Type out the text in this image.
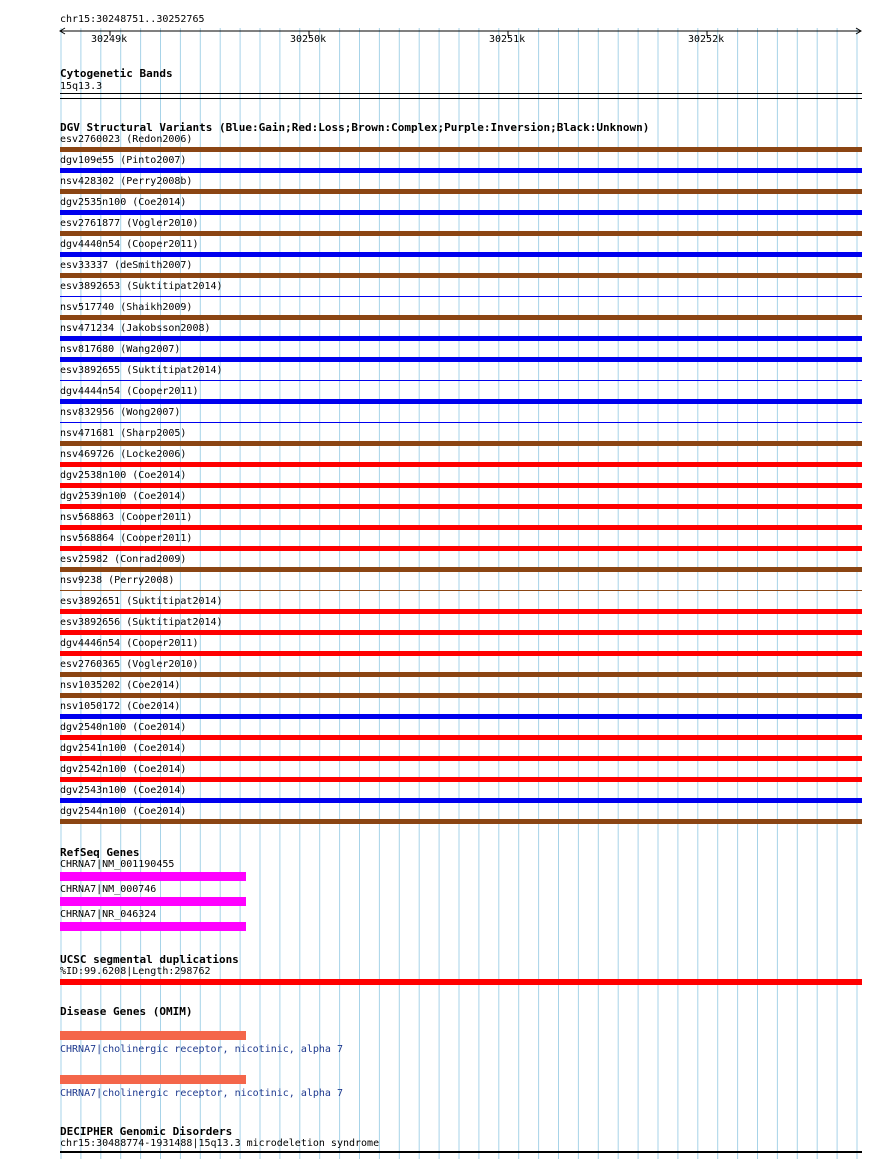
chr15:30248751..30252765
30249k	30250k	30251k	30252k
Cytogenetic Bands
15q13.3
DGV Structural Variants (Blue:Gain;Red:Loss;Brown:Complex;Purple:Inversion;Black:Unknown)
esv2760023 (Redon2006)
dgv109e55 (Pinto2007)
nsv428302 (Perry2008b)
dgv2535n100 (Coe2014)
esv2761877 (Vogler2010)
dgv4440n54 (Cooper2011)
esv33337 (deSmith2007)
esv3892653 (Suktitipat2014)
nsv517740 (Shaikh2009)
nsv471234 (Jakobsson2008)
nsv817680 (Wang2007)
esv3892655 (Suktitipat2014)
dgv4444n54 (Cooper2011)
nsv832956 (Wong2007)
nsv471681 (Sharp2005)
nsv469726 (Locke2006)
dgv2538n100 (Coe2014)
dgv2539n100 (Coe2014)
nsv568863 (Cooper2011)
nsv568864 (Cooper2011)
esv25982 (Conrad2009)
nsv9238 (Perry2008)
esv3892651 (Suktitipat2014)
esv3892656 (Suktitipat2014)
dgv4446n54 (Cooper2011)
esv2760365 (Vogler2010)
nsv1035202 (Coe2014)
nsv1050172 (Coe2014)
dgv2540n100 (Coe2014)
dgv2541n100 (Coe2014)
dgv2542n100 (Coe2014)
dgv2543n100 (Coe2014)
dgv2544n100 (Coe2014)
RefSeq Genes
CHRNA7|NM_001190455
CHRNA7|NM_000746
CHRNA7|NR_046324
UCSC segmental duplications
%ID:99.6208|Length:298762
Disease Genes (OMIM)
CHRNA7|cholinergic receptor, nicotinic, alpha 7
CHRNA7|cholinergic receptor, nicotinic, alpha 7
DECIPHER Genomic Disorders
chr15:30488774-1931488|15q13.3 microdeletion syndrome
